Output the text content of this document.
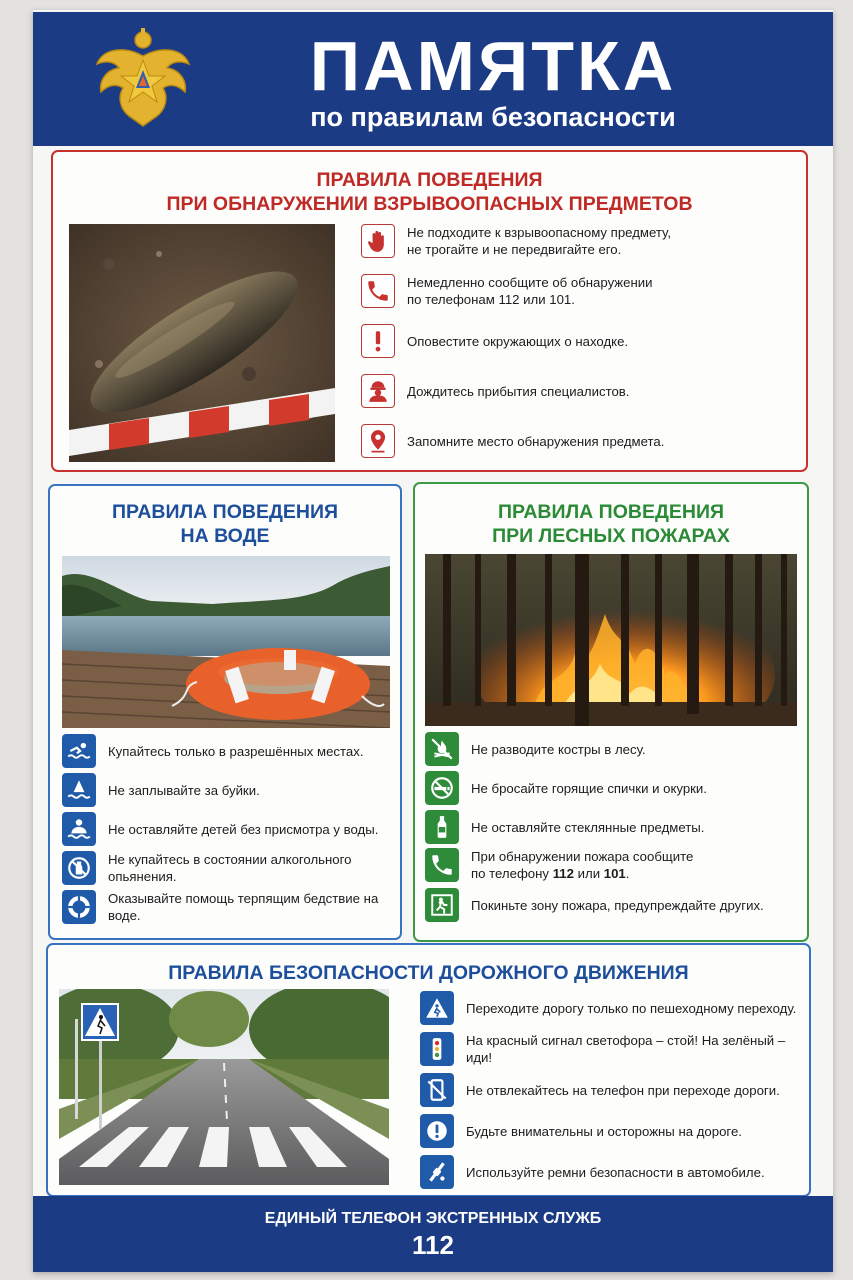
ПАМЯТКА
по правилам безопасности
ПРАВИЛА ПОВЕДЕНИЯ
ПРИ ОБНАРУЖЕНИИ ВЗРЫВООПАСНЫХ ПРЕДМЕТОВ
Не подходите к взрывоопасному предмету,
не трогайте и не передвигайте его.
Немедленно сообщите об обнаружении
по телефонам 112 или 101.
Оповестите окружающих о находке.
Дождитесь прибытия специалистов.
Запомните место обнаружения предмета.
ПРАВИЛА ПОВЕДЕНИЯ
НА ВОДЕ
Купайтесь только в разрешённых местах.
Не заплывайте за буйки.
Не оставляйте детей без присмотра у воды.
Не купайтесь в состоянии алкогольного опьянения.
Оказывайте помощь терпящим бедствие на воде.
ПРАВИЛА ПОВЕДЕНИЯ
ПРИ ЛЕСНЫХ ПОЖАРАХ
Не разводите костры в лесу.
Не бросайте горящие спички и окурки.
Не оставляйте стеклянные предметы.
При обнаружении пожара сообщите
по телефону 112 или 101.
Покиньте зону пожара, предупреждайте других.
ПРАВИЛА БЕЗОПАСНОСТИ ДОРОЖНОГО ДВИЖЕНИЯ
Переходите дорогу только по пешеходному переходу.
На красный сигнал светофора – стой! На зелёный – иди!
Не отвлекайтесь на телефон при переходе дороги.
Будьте внимательны и осторожны на дороге.
Используйте ремни безопасности в автомобиле.
ЕДИНЫЙ ТЕЛЕФОН ЭКСТРЕННЫХ СЛУЖБ
112
